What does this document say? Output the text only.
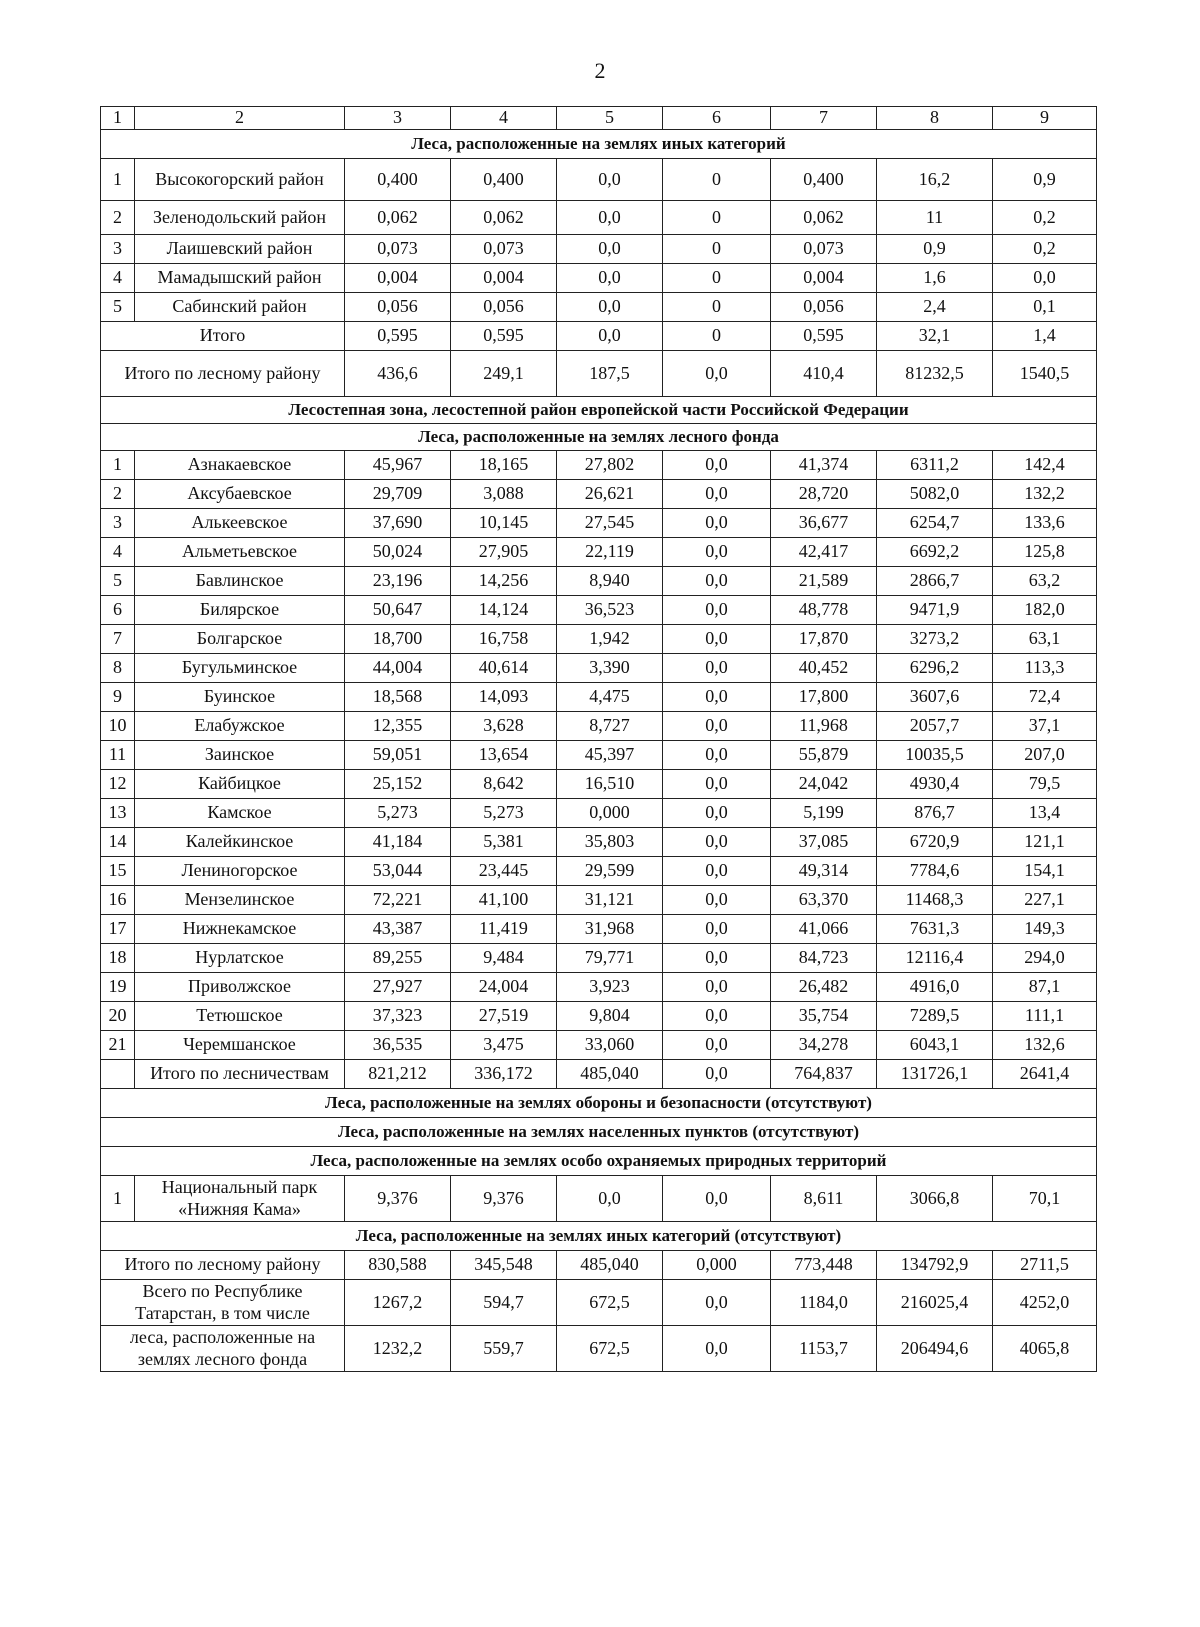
2
1	2	3	4	5	6	7	8	9
Леса, расположенные на землях иных категорий								
1	Высокогорский район	0,400	0,400	0,0	0	0,400	16,2	0,9
2	Зеленодольский район	0,062	0,062	0,0	0	0,062	11	0,2
3	Лаишевский район	0,073	0,073	0,0	0	0,073	0,9	0,2
4	Мамадышский район	0,004	0,004	0,0	0	0,004	1,6	0,0
5	Сабинский район	0,056	0,056	0,0	0	0,056	2,4	0,1
Итого		0,595	0,595	0,0	0	0,595	32,1	1,4
Итого по лесному району		436,6	249,1	187,5	0,0	410,4	81232,5	1540,5
Лесостепная зона, лесостепной район европейской части Российской Федерации								
Леса, расположенные на землях лесного фонда								
1	Азнакаевское	45,967	18,165	27,802	0,0	41,374	6311,2	142,4
2	Аксубаевское	29,709	3,088	26,621	0,0	28,720	5082,0	132,2
3	Алькеевское	37,690	10,145	27,545	0,0	36,677	6254,7	133,6
4	Альметьевское	50,024	27,905	22,119	0,0	42,417	6692,2	125,8
5	Бавлинское	23,196	14,256	8,940	0,0	21,589	2866,7	63,2
6	Билярское	50,647	14,124	36,523	0,0	48,778	9471,9	182,0
7	Болгарское	18,700	16,758	1,942	0,0	17,870	3273,2	63,1
8	Бугульминское	44,004	40,614	3,390	0,0	40,452	6296,2	113,3
9	Буинское	18,568	14,093	4,475	0,0	17,800	3607,6	72,4
10	Елабужское	12,355	3,628	8,727	0,0	11,968	2057,7	37,1
11	Заинское	59,051	13,654	45,397	0,0	55,879	10035,5	207,0
12	Кайбицкое	25,152	8,642	16,510	0,0	24,042	4930,4	79,5
13	Камское	5,273	5,273	0,000	0,0	5,199	876,7	13,4
14	Калейкинское	41,184	5,381	35,803	0,0	37,085	6720,9	121,1
15	Лениногорское	53,044	23,445	29,599	0,0	49,314	7784,6	154,1
16	Мензелинское	72,221	41,100	31,121	0,0	63,370	11468,3	227,1
17	Нижнекамское	43,387	11,419	31,968	0,0	41,066	7631,3	149,3
18	Нурлатское	89,255	9,484	79,771	0,0	84,723	12116,4	294,0
19	Приволжское	27,927	24,004	3,923	0,0	26,482	4916,0	87,1
20	Тетюшское	37,323	27,519	9,804	0,0	35,754	7289,5	111,1
21	Черемшанское	36,535	3,475	33,060	0,0	34,278	6043,1	132,6
	Итого по лесничествам	821,212	336,172	485,040	0,0	764,837	131726,1	2641,4
Леса, расположенные на землях обороны и безопасности (отсутствуют)								
Леса, расположенные на землях населенных пунктов (отсутствуют)								
Леса, расположенные на землях особо охраняемых природных территорий								
1	Национальный парк «Нижняя Кама»	9,376	9,376	0,0	0,0	8,611	3066,8	70,1
Леса, расположенные на землях иных категорий (отсутствуют)								
Итого по лесному району		830,588	345,548	485,040	0,000	773,448	134792,9	2711,5
Всего по Республике Татарстан, в том числе		1267,2	594,7	672,5	0,0	1184,0	216025,4	4252,0
леса, расположенные на землях лесного фонда		1232,2	559,7	672,5	0,0	1153,7	206494,6	4065,8
